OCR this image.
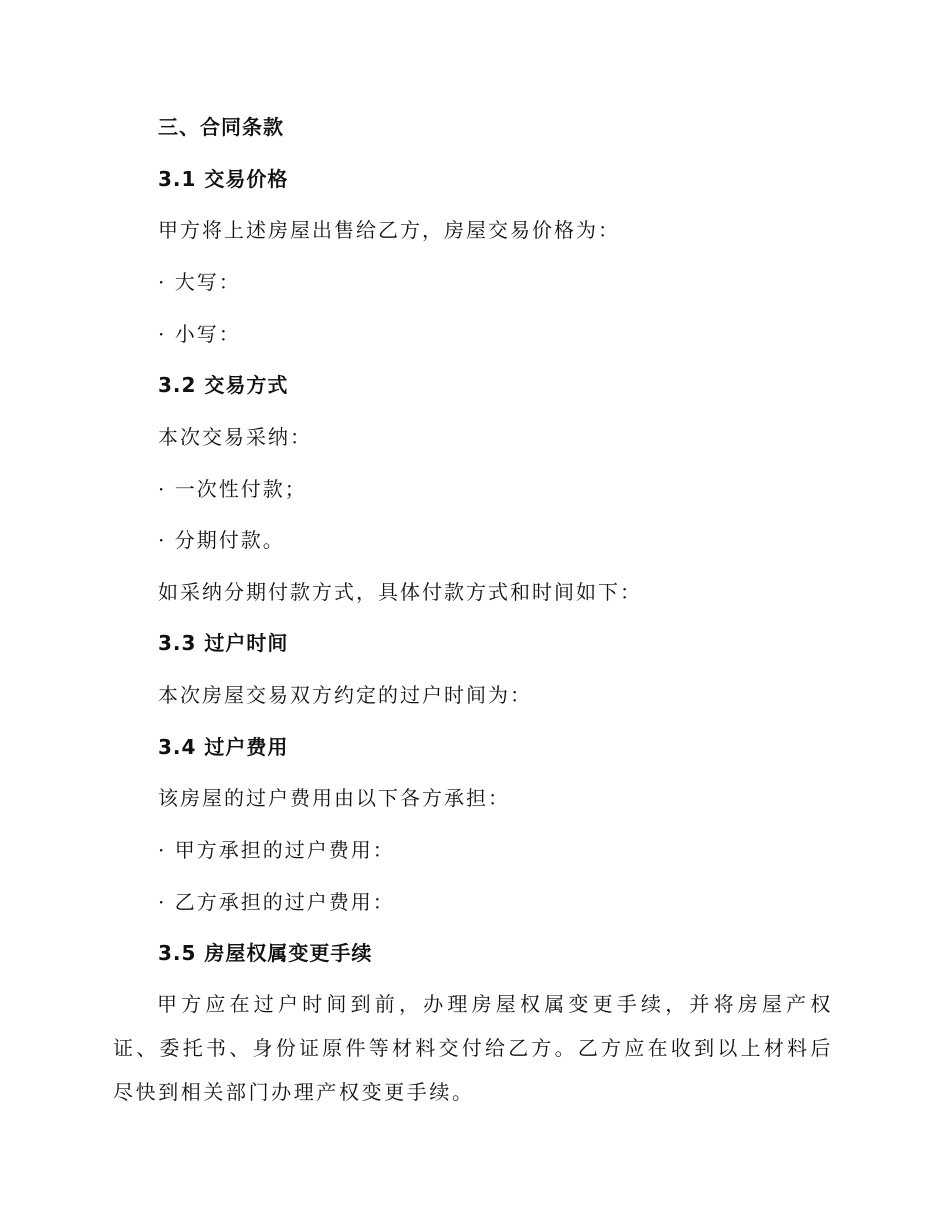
三、合同条款
3.1 交易价格
甲方将上述房屋出售给乙方，房屋交易价格为：
· 大写：
· 小写：
3.2 交易方式
本次交易采纳：
· 一次性付款；
· 分期付款。
如采纳分期付款方式，具体付款方式和时间如下：
3.3 过户时间
本次房屋交易双方约定的过户时间为：
3.4 过户费用
该房屋的过户费用由以下各方承担：
· 甲方承担的过户费用：
· 乙方承担的过户费用：
3.5 房屋权属变更手续
甲方应在过户时间到前，办理房屋权属变更手续，并将房屋产权证、委托书、身份证原件等材料交付给乙方。乙方应在收到以上材料后尽快到相关部门办理产权变更手续。
